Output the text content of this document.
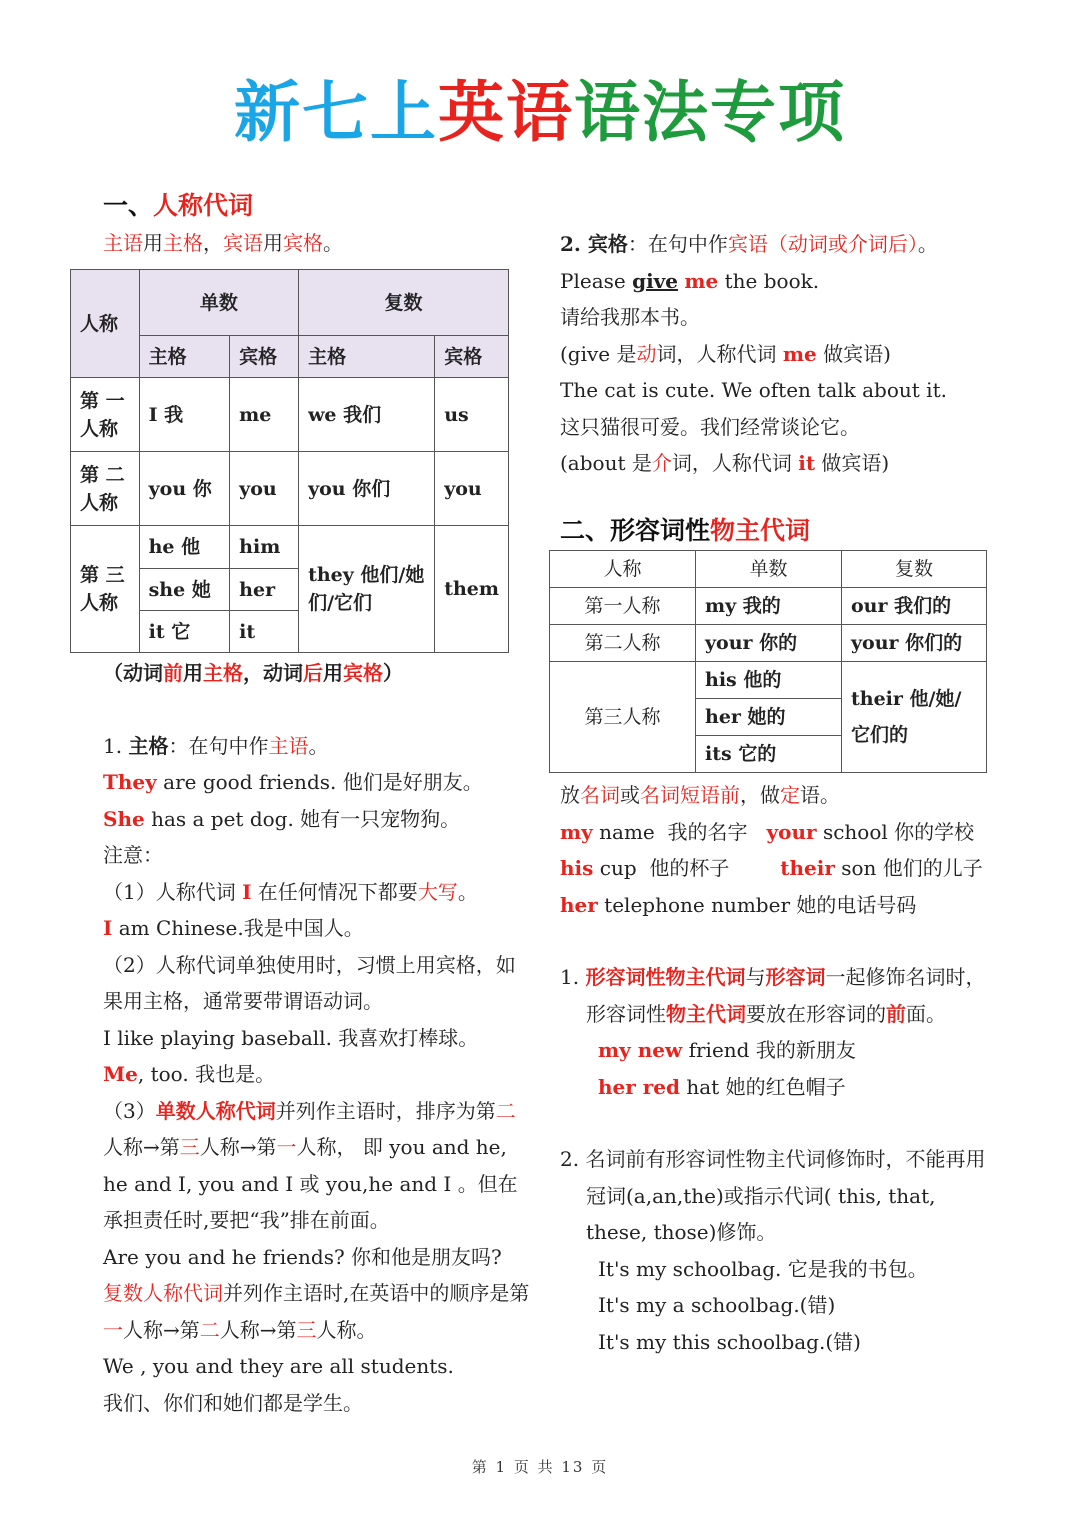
新七上英语语法专项
一、人称代词
主语用主格，宾语用宾格。
人称	单数		复数	
	主格	宾格	主格	宾格
第 一 人称	I 我	me	we 我们	us
第 二 人称	you 你	you	you 你们	you
第 三 人称	he 他	him	they 他们/她们/它们	them
	she 她	her		
	it 它	it		
（动词前用主格，动词后用宾格）
1. 主格：在句中作主语。
They are good friends. 他们是好朋友。
She has a pet dog. 她有一只宠物狗。
注意：
（1）人称代词 I 在任何情况下都要大写。
I am Chinese.我是中国人。
（2）人称代词单独使用时，习惯上用宾格，如果用主格，通常要带谓语动词。
I like playing baseball. 我喜欢打棒球。
Me, too. 我也是。
（3）单数人称代词并列作主语时，排序为第二人称→第三人称→第一人称， 即 you and he, he and I, you and I 或 you,he and I 。但在承担责任时,要把“我”排在前面。
Are you and he friends? 你和他是朋友吗?
复数人称代词并列作主语时,在英语中的顺序是第一人称→第二人称→第三人称。
We , you and they are all students.
我们、你们和她们都是学生。
2. 宾格：在句中作宾语（动词或介词后）。
Please give me the book.
请给我那本书。
(give 是动词，人称代词 me 做宾语)
The cat is cute. We often talk about it.
这只猫很可爱。我们经常谈论它。
(about 是介词，人称代词 it 做宾语)
二、形容词性物主代词
人称	单数	复数
第一人称	my 我的	our 我们的
第二人称	your 你的	your 你们的
第三人称	his 他的	their 他/她/它们的
	her 她的	
	its 它的	
放名词或名词短语前，做定语。
my name  我的名字   your school 你的学校
his cup  他的杯子        their son 他们的儿子
her telephone number 她的电话号码
1. 形容词性物主代词与形容词一起修饰名词时，形容词性物主代词要放在形容词的前面。
my new friend 我的新朋友
her red hat 她的红色帽子
2. 名词前有形容词性物主代词修饰时，不能再用冠词(a,an,the)或指示代词( this, that, these, those)修饰。
It's my schoolbag. 它是我的书包。
It's my a schoolbag.(错)
It's my this schoolbag.(错)
第 1 页 共 13 页
